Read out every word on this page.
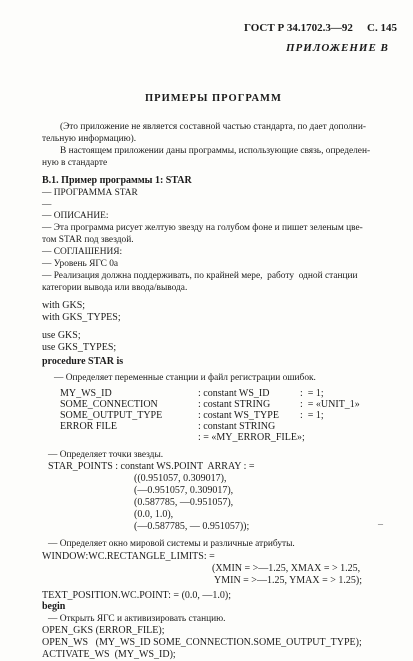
ГОСТ Р 34.1702.3—92 С. 145
ПРИЛОЖЕНИЕ В
ПРИМЕРЫ ПРОГРАММ
(Это приложение не является составной частью стандарта, по дает дополни-
тельную информацию).
В настоящем приложении даны программы, использующие связь, определен-
ную в стандарте
В.1. Пример программы 1: STAR
— ПРОГРАММА STAR
—
— ОПИСАНИЕ:
— Эта программа рисует желтую звезду на голубом фоне и пишет зеленым цве-
том STAR под звездой.
— СОГЛАШЕНИЯ:
— Уровень ЯГС 0а
— Реализация должна поддерживать, по крайней мере,  работу  одной станции
категории вывода или ввода/вывода.
with GKS;
with GKS_TYPES;
use GKS;
use GKS_TYPES;
procedure STAR is
— Определяет переменные станции и файл регистрации ошибок.
MY_WS_ID	: constant WS_ID	:  = 1;
SOME_CONNECTION	: costant STRING	:  = «UNIT_1»
SOME_OUTPUT_TYPE	: costant WS_TYPE :  = 1;
ERROR FILE	: constant STRING
: = «MY_ERROR_FILE»;
— Определяет точки звезды.
STAR_POINTS : constant WS.POINT  ARRAY : =
((0.951057, 0.309017),
(—0.951057, 0.309017),
(0.587785, —0.951057),
(0.0, 1.0),
(—0.587785, — 0.951057));	–
— Определяет окно мировой системы и различные атрибуты.
WINDOW:WC.RECTANGLE_LIMITS: =
(XMIN = >—1.25, XMAX = > 1.25,
YMIN = >—1.25, YMAX = > 1.25);
TEXT_POSITION.WC.POINT: = (0.0, —1.0);
begin
— Открыть ЯГС и активизировать станцию.
OPEN_GKS (ERROR_FILE);
OPEN_WS   (MY_WS_ID SOME_CONNECTION.SOME_OUTPUT_TYPE);
ACTIVATE_WS  (MY_WS_ID);
